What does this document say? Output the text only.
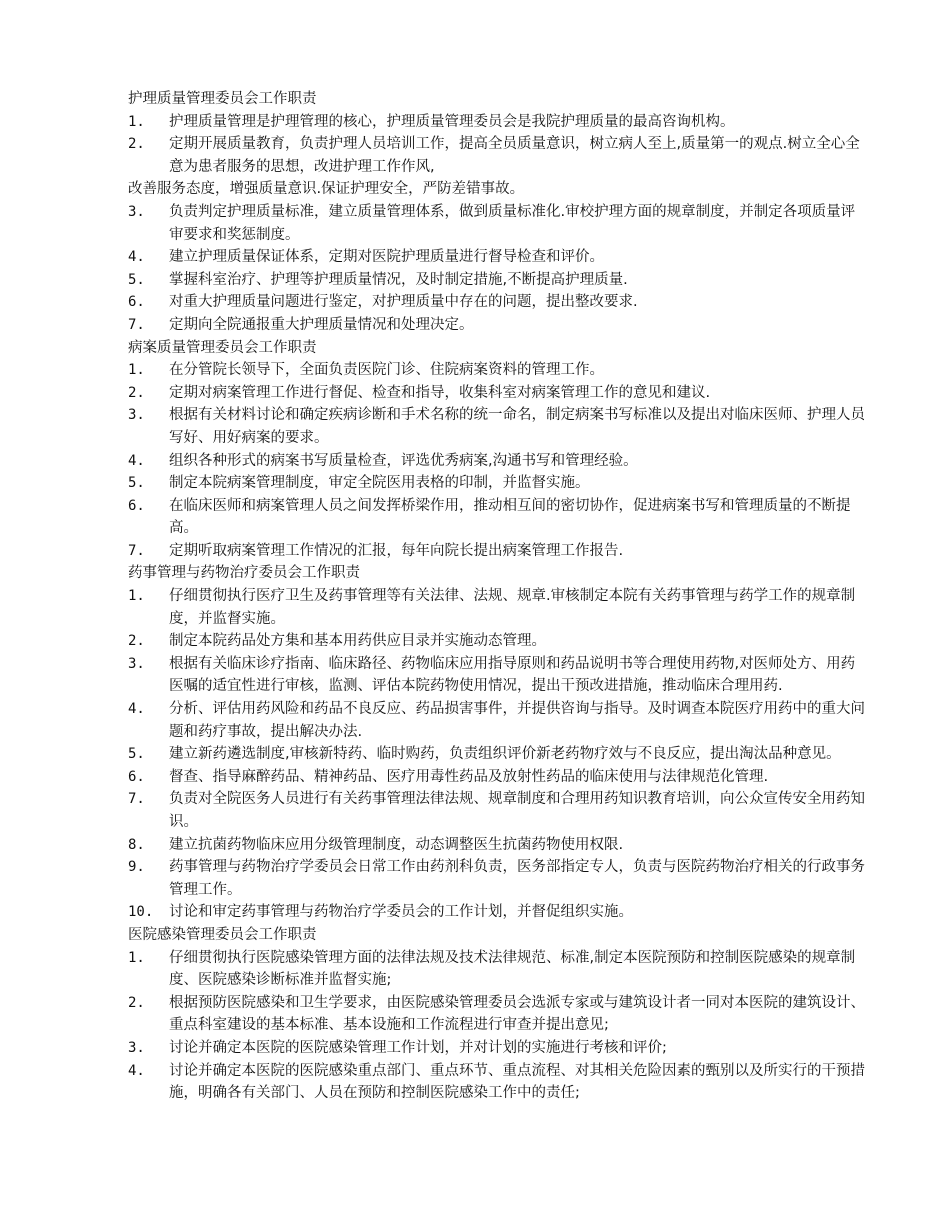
护理质量管理委员会工作职责
1. 护理质量管理是护理管理的核心，护理质量管理委员会是我院护理质量的最高咨询机构。
2. 定期开展质量教育，负责护理人员培训工作，提高全员质量意识，树立病人至上,质量第一的观点.树立全心全意为患者服务的思想，改进护理工作作风,
改善服务态度，增强质量意识.保证护理安全，严防差错事故。
3. 负责判定护理质量标准，建立质量管理体系，做到质量标准化.审校护理方面的规章制度，并制定各项质量评审要求和奖惩制度。
4. 建立护理质量保证体系，定期对医院护理质量进行督导检查和评价。
5. 掌握科室治疗、护理等护理质量情况，及时制定措施,不断提高护理质量.
6. 对重大护理质量问题进行鉴定，对护理质量中存在的问题，提出整改要求.
7. 定期向全院通报重大护理质量情况和处理决定。
病案质量管理委员会工作职责
1. 在分管院长领导下，全面负责医院门诊、住院病案资料的管理工作。
2. 定期对病案管理工作进行督促、检查和指导，收集科室对病案管理工作的意见和建议.
3. 根据有关材料讨论和确定疾病诊断和手术名称的统一命名，制定病案书写标准以及提出对临床医师、护理人员写好、用好病案的要求。
4. 组织各种形式的病案书写质量检查，评选优秀病案,沟通书写和管理经验。
5. 制定本院病案管理制度，审定全院医用表格的印制，并监督实施。
6. 在临床医师和病案管理人员之间发挥桥梁作用，推动相互间的密切协作，促进病案书写和管理质量的不断提高。
7. 定期听取病案管理工作情况的汇报，每年向院长提出病案管理工作报告.
药事管理与药物治疗委员会工作职责
1. 仔细贯彻执行医疗卫生及药事管理等有关法律、法规、规章.审核制定本院有关药事管理与药学工作的规章制度，并监督实施。
2. 制定本院药品处方集和基本用药供应目录并实施动态管理。
3. 根据有关临床诊疗指南、临床路径、药物临床应用指导原则和药品说明书等合理使用药物,对医师处方、用药医嘱的适宜性进行审核，监测、评估本院药物使用情况，提出干预改进措施，推动临床合理用药.
4. 分析、评估用药风险和药品不良反应、药品损害事件，并提供咨询与指导。及时调查本院医疗用药中的重大问题和药疗事故，提出解决办法.
5. 建立新药遴选制度,审核新特药、临时购药，负责组织评价新老药物疗效与不良反应，提出淘汰品种意见。
6. 督查、指导麻醉药品、精神药品、医疗用毒性药品及放射性药品的临床使用与法律规范化管理.
7. 负责对全院医务人员进行有关药事管理法律法规、规章制度和合理用药知识教育培训，向公众宣传安全用药知识。
8. 建立抗菌药物临床应用分级管理制度，动态调整医生抗菌药物使用权限.
9. 药事管理与药物治疗学委员会日常工作由药剂科负责，医务部指定专人，负责与医院药物治疗相关的行政事务管理工作。
10. 讨论和审定药事管理与药物治疗学委员会的工作计划，并督促组织实施。
医院感染管理委员会工作职责
1. 仔细贯彻执行医院感染管理方面的法律法规及技术法律规范、标准,制定本医院预防和控制医院感染的规章制度、医院感染诊断标准并监督实施;
2. 根据预防医院感染和卫生学要求，由医院感染管理委员会选派专家或与建筑设计者一同对本医院的建筑设计、重点科室建设的基本标准、基本设施和工作流程进行审查并提出意见;
3. 讨论并确定本医院的医院感染管理工作计划，并对计划的实施进行考核和评价;
4. 讨论并确定本医院的医院感染重点部门、重点环节、重点流程、对其相关危险因素的甄别以及所实行的干预措施，明确各有关部门、人员在预防和控制医院感染工作中的责任;
